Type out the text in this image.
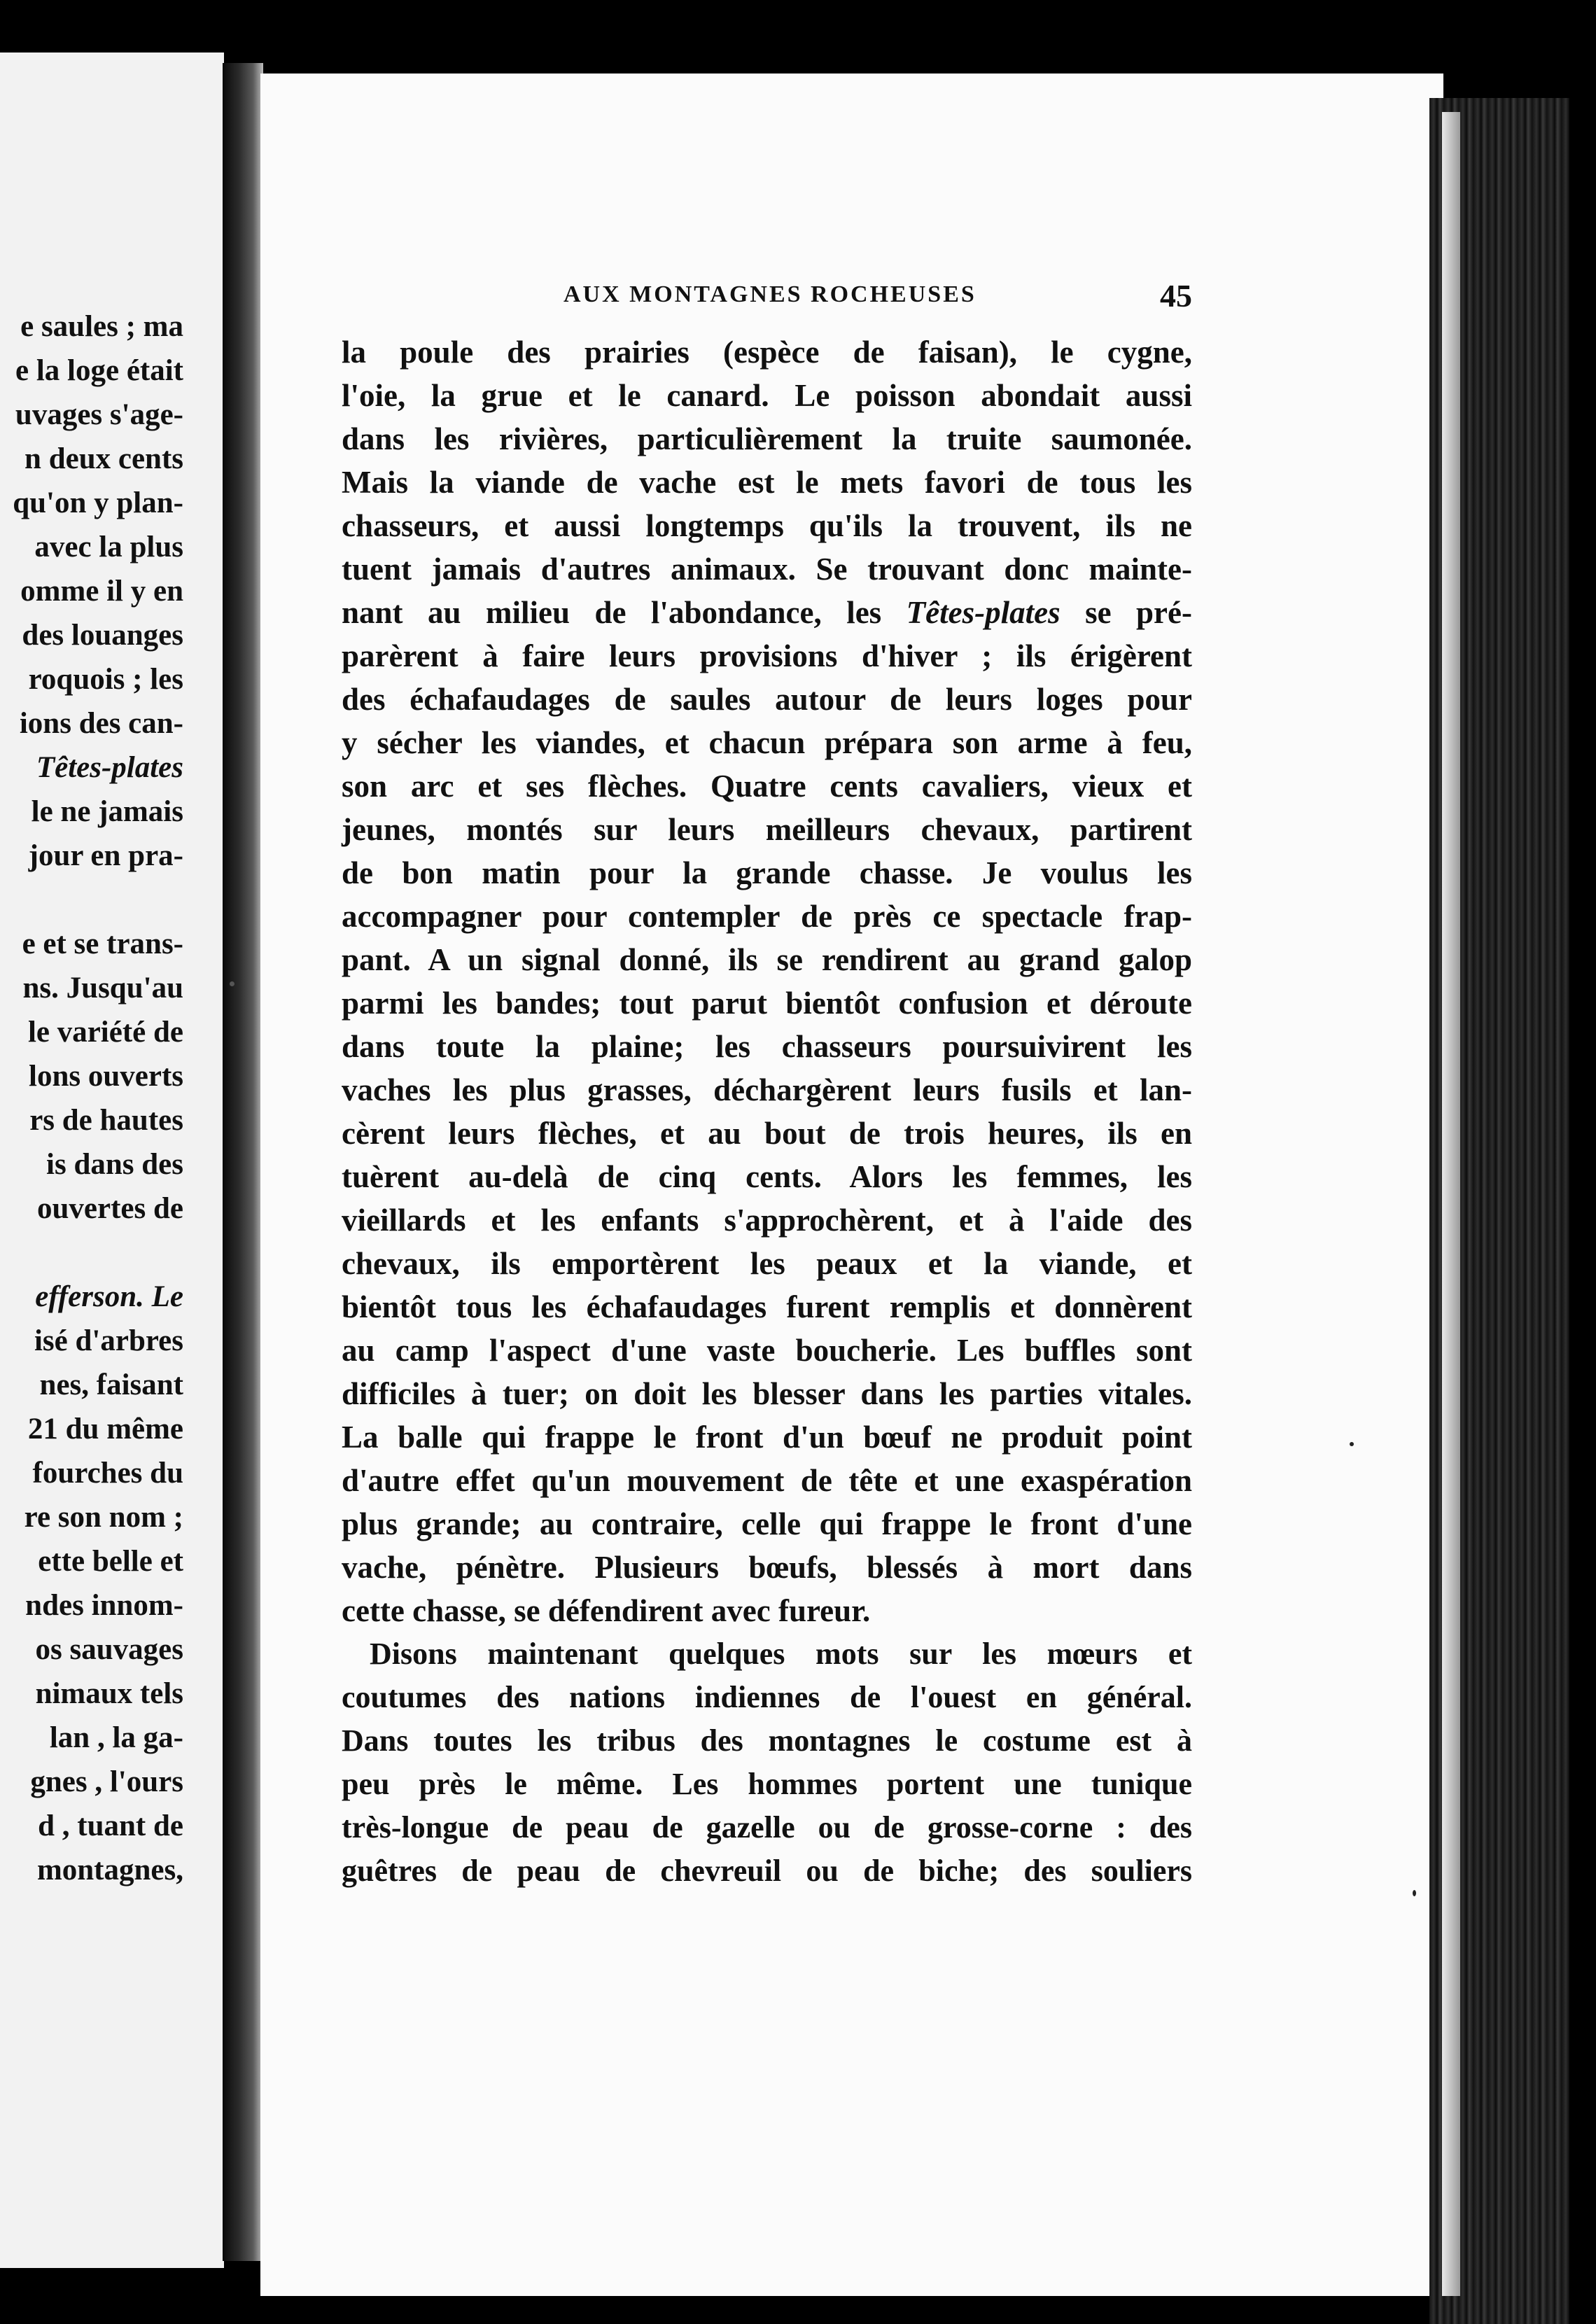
e saules ; ma
e la loge était
uvages s'age-
n deux cents
qu'on y plan-
avec la plus
omme il y en
des louanges
roquois ; les
ions des can-
Têtes-plates
le ne jamais
jour en pra-
e et se trans-
ns. Jusqu'au
le variété de
lons ouverts
rs de hautes
is dans des
ouvertes de
efferson. Le
isé d'arbres
nes, faisant
21 du même
fourches du
re son nom ;
ette belle et
ndes innom-
os sauvages
nimaux tels
lan , la ga-
gnes , l'ours
d , tuant de
montagnes,
AUX MONTAGNES ROCHEUSES	45
la poule des prairies (espèce de faisan), le cygne,
l'oie, la grue et le canard. Le poisson abondait aussi
dans les rivières, particulièrement la truite saumonée.
Mais la viande de vache est le mets favori de tous les
chasseurs, et aussi longtemps qu'ils la trouvent, ils ne
tuent jamais d'autres animaux. Se trouvant donc mainte-
nant au milieu de l'abondance, les Têtes-plates se pré-
parèrent à faire leurs provisions d'hiver ; ils érigèrent
des échafaudages de saules autour de leurs loges pour
y sécher les viandes, et chacun prépara son arme à feu,
son arc et ses flèches. Quatre cents cavaliers, vieux et
jeunes, montés sur leurs meilleurs chevaux, partirent
de bon matin pour la grande chasse. Je voulus les
accompagner pour contempler de près ce spectacle frap-
pant. A un signal donné, ils se rendirent au grand galop
parmi les bandes; tout parut bientôt confusion et déroute
dans toute la plaine; les chasseurs poursuivirent les
vaches les plus grasses, déchargèrent leurs fusils et lan-
cèrent leurs flèches, et au bout de trois heures, ils en
tuèrent au-delà de cinq cents. Alors les femmes, les
vieillards et les enfants s'approchèrent, et à l'aide des
chevaux, ils emportèrent les peaux et la viande, et
bientôt tous les échafaudages furent remplis et donnèrent
au camp l'aspect d'une vaste boucherie. Les buffles sont
difficiles à tuer; on doit les blesser dans les parties vitales.
La balle qui frappe le front d'un bœuf ne produit point
d'autre effet qu'un mouvement de tête et une exaspération
plus grande; au contraire, celle qui frappe le front d'une
vache, pénètre. Plusieurs bœufs, blessés à mort dans
cette chasse, se défendirent avec fureur.
Disons maintenant quelques mots sur les mœurs et
coutumes des nations indiennes de l'ouest en général.
Dans toutes les tribus des montagnes le costume est à
peu près le même. Les hommes portent une tunique
très-longue de peau de gazelle ou de grosse-corne : des
guêtres de peau de chevreuil ou de biche; des souliers
